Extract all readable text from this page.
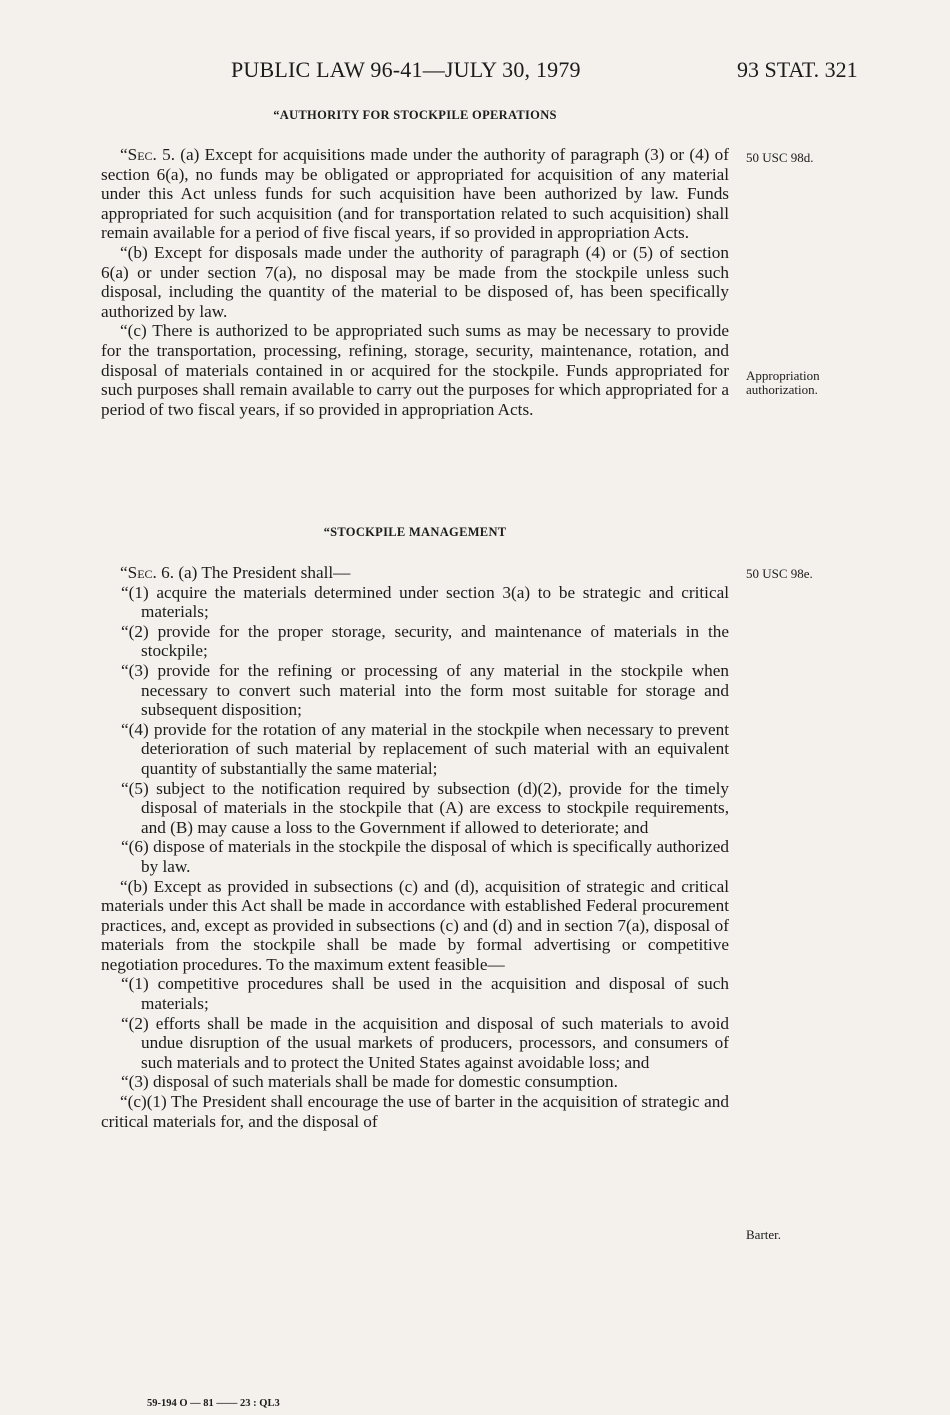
PUBLIC LAW 96-41—JULY 30, 1979	93 STAT. 321
“AUTHORITY FOR STOCKPILE OPERATIONS

“Sec. 5. (a) Except for acquisitions made under the authority of paragraph (3) or (4) of section 6(a), no funds may be obligated or appropriated for acquisition of any material under this Act unless funds for such acquisition have been authorized by law. Funds appropriated for such acquisition (and for transportation related to such acquisition) shall remain available for a period of five fiscal years, if so provided in appropriation Acts.

“(b) Except for disposals made under the authority of paragraph (4) or (5) of section 6(a) or under section 7(a), no disposal may be made from the stockpile unless such disposal, including the quantity of the material to be disposed of, has been specifically authorized by law.

“(c) There is authorized to be appropriated such sums as may be necessary to provide for the transportation, processing, refining, storage, security, maintenance, rotation, and disposal of materials contained in or acquired for the stockpile. Funds appropriated for such purposes shall remain available to carry out the purposes for which appropriated for a period of two fiscal years, if so provided in appropriation Acts.

“STOCKPILE MANAGEMENT

“Sec. 6. (a) The President shall—

“(1) acquire the materials determined under section 3(a) to be strategic and critical materials;

“(2) provide for the proper storage, security, and maintenance of materials in the stockpile;

“(3) provide for the refining or processing of any material in the stockpile when necessary to convert such material into the form most suitable for storage and subsequent disposition;

“(4) provide for the rotation of any material in the stockpile when necessary to prevent deterioration of such material by replacement of such material with an equivalent quantity of substantially the same material;

“(5) subject to the notification required by subsection (d)(2), provide for the timely disposal of materials in the stockpile that (A) are excess to stockpile requirements, and (B) may cause a loss to the Government if allowed to deteriorate; and

“(6) dispose of materials in the stockpile the disposal of which is specifically authorized by law.

“(b) Except as provided in subsections (c) and (d), acquisition of strategic and critical materials under this Act shall be made in accordance with established Federal procurement practices, and, except as provided in subsections (c) and (d) and in section 7(a), disposal of materials from the stockpile shall be made by formal advertising or competitive negotiation procedures. To the maximum extent feasible—

“(1) competitive procedures shall be used in the acquisition and disposal of such materials;

“(2) efforts shall be made in the acquisition and disposal of such materials to avoid undue disruption of the usual markets of producers, processors, and consumers of such materials and to protect the United States against avoidable loss; and

“(3) disposal of such materials shall be made for domestic consumption.

“(c)(1) The President shall encourage the use of barter in the acquisition of strategic and critical materials for, and the disposal of

50 USC 98d.
Appropriation
authorization.
50 USC 98e.
Barter.
59-194 O — 81 —— 23 : QL3
